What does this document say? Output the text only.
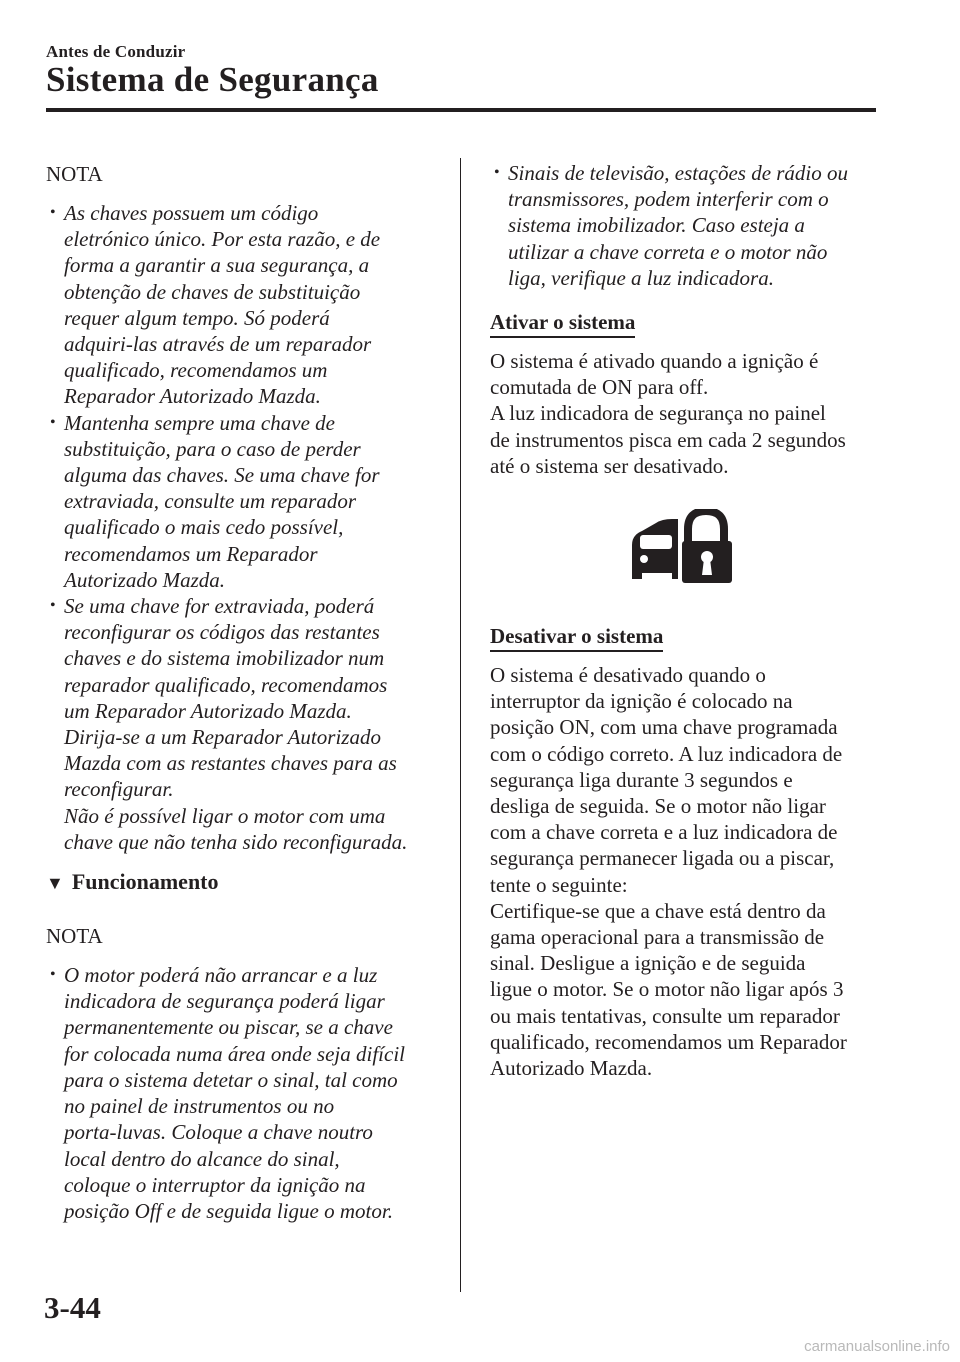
Antes de Conduzir
Sistema de Segurança
NOTA
• As chaves possuem um código
eletrónico único. Por esta razão, e de
forma a garantir a sua segurança, a
obtenção de chaves de substituição
requer algum tempo. Só poderá
adquiri-las através de um reparador
qualificado, recomendamos um
Reparador Autorizado Mazda.
• Mantenha sempre uma chave de
substituição, para o caso de perder
alguma das chaves. Se uma chave for
extraviada, consulte um reparador
qualificado o mais cedo possível,
recomendamos um Reparador
Autorizado Mazda.
• Se uma chave for extraviada, poderá
reconfigurar os códigos das restantes
chaves e do sistema imobilizador num
reparador qualificado, recomendamos
um Reparador Autorizado Mazda.
Dirija-se a um Reparador Autorizado
Mazda com as restantes chaves para as
reconfigurar.
Não é possível ligar o motor com uma
chave que não tenha sido reconfigurada.
▼ Funcionamento
NOTA
• O motor poderá não arrancar e a luz
indicadora de segurança poderá ligar
permanentemente ou piscar, se a chave
for colocada numa área onde seja difícil
para o sistema detetar o sinal, tal como
no painel de instrumentos ou no
porta-luvas. Coloque a chave noutro
local dentro do alcance do sinal,
coloque o interruptor da ignição na
posição Off e de seguida ligue o motor.
• Sinais de televisão, estações de rádio ou
transmissores, podem interferir com o
sistema imobilizador. Caso esteja a
utilizar a chave correta e o motor não
liga, verifique a luz indicadora.
Ativar o sistema
O sistema é ativado quando a ignição é
comutada de ON para off.
A luz indicadora de segurança no painel
de instrumentos pisca em cada 2 segundos
até o sistema ser desativado.
Desativar o sistema
O sistema é desativado quando o
interruptor da ignição é colocado na
posição ON, com uma chave programada
com o código correto. A luz indicadora de
segurança liga durante 3 segundos e
desliga de seguida. Se o motor não ligar
com a chave correta e a luz indicadora de
segurança permanecer ligada ou a piscar,
tente o seguinte:
Certifique-se que a chave está dentro da
gama operacional para a transmissão de
sinal. Desligue a ignição e de seguida
ligue o motor. Se o motor não ligar após 3
ou mais tentativas, consulte um reparador
qualificado, recomendamos um Reparador
Autorizado Mazda.
3-44
carmanualsonline.info
